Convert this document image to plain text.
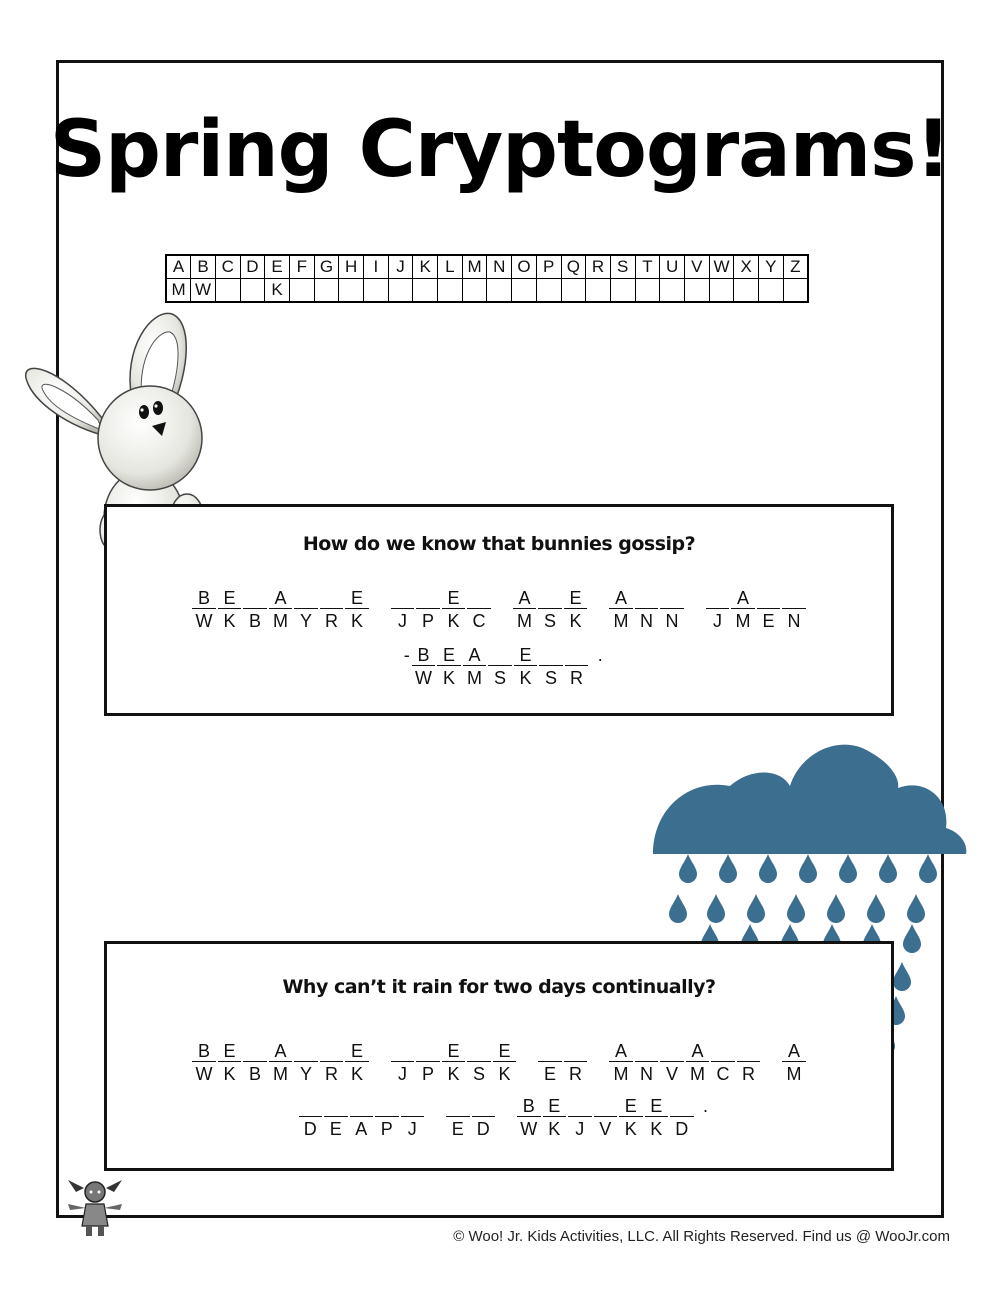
Spring Cryptograms!
A	B	C	D	E	F	G	H	I	J	K	L	M	N	O	P	Q	R	S	T	U	V	W	X	Y	Z
M	W			K																					
How do we know that bunnies gossip?
$\frac{B}{W} \frac{E}{K}$ B $\frac{A}{M}$ Y R $\frac{E}{K}$	J P $\frac{E}{K}$ C	$\frac{A}{M}$ S $\frac{E}{K} \frac{A}{M}$ N N	J $\frac{A}{M}$ E N
- $\frac{B}{W} \frac{E}{K} \frac{A}{M}$ S $\frac{E}{K}$ S R
.
Why can’t it rain for two days continually?
$\frac{B}{W} \frac{E}{K}$ B $\frac{A}{M}$ Y R $\frac{E}{K}$	J P $\frac{E}{K}$ S $\frac{E}{K}$	E R	$\frac{A}{M}$ N V $\frac{A}{M}$ C R	$\frac{A}{M}$
D E A P J	E D	$\frac{B}{W} \frac{E}{K}$ J V $\frac{E}{K} \frac{E}{K}$ D
.
© Woo! Jr. Kids Activities, LLC. All Rights Reserved. Find us @ WooJr.com
